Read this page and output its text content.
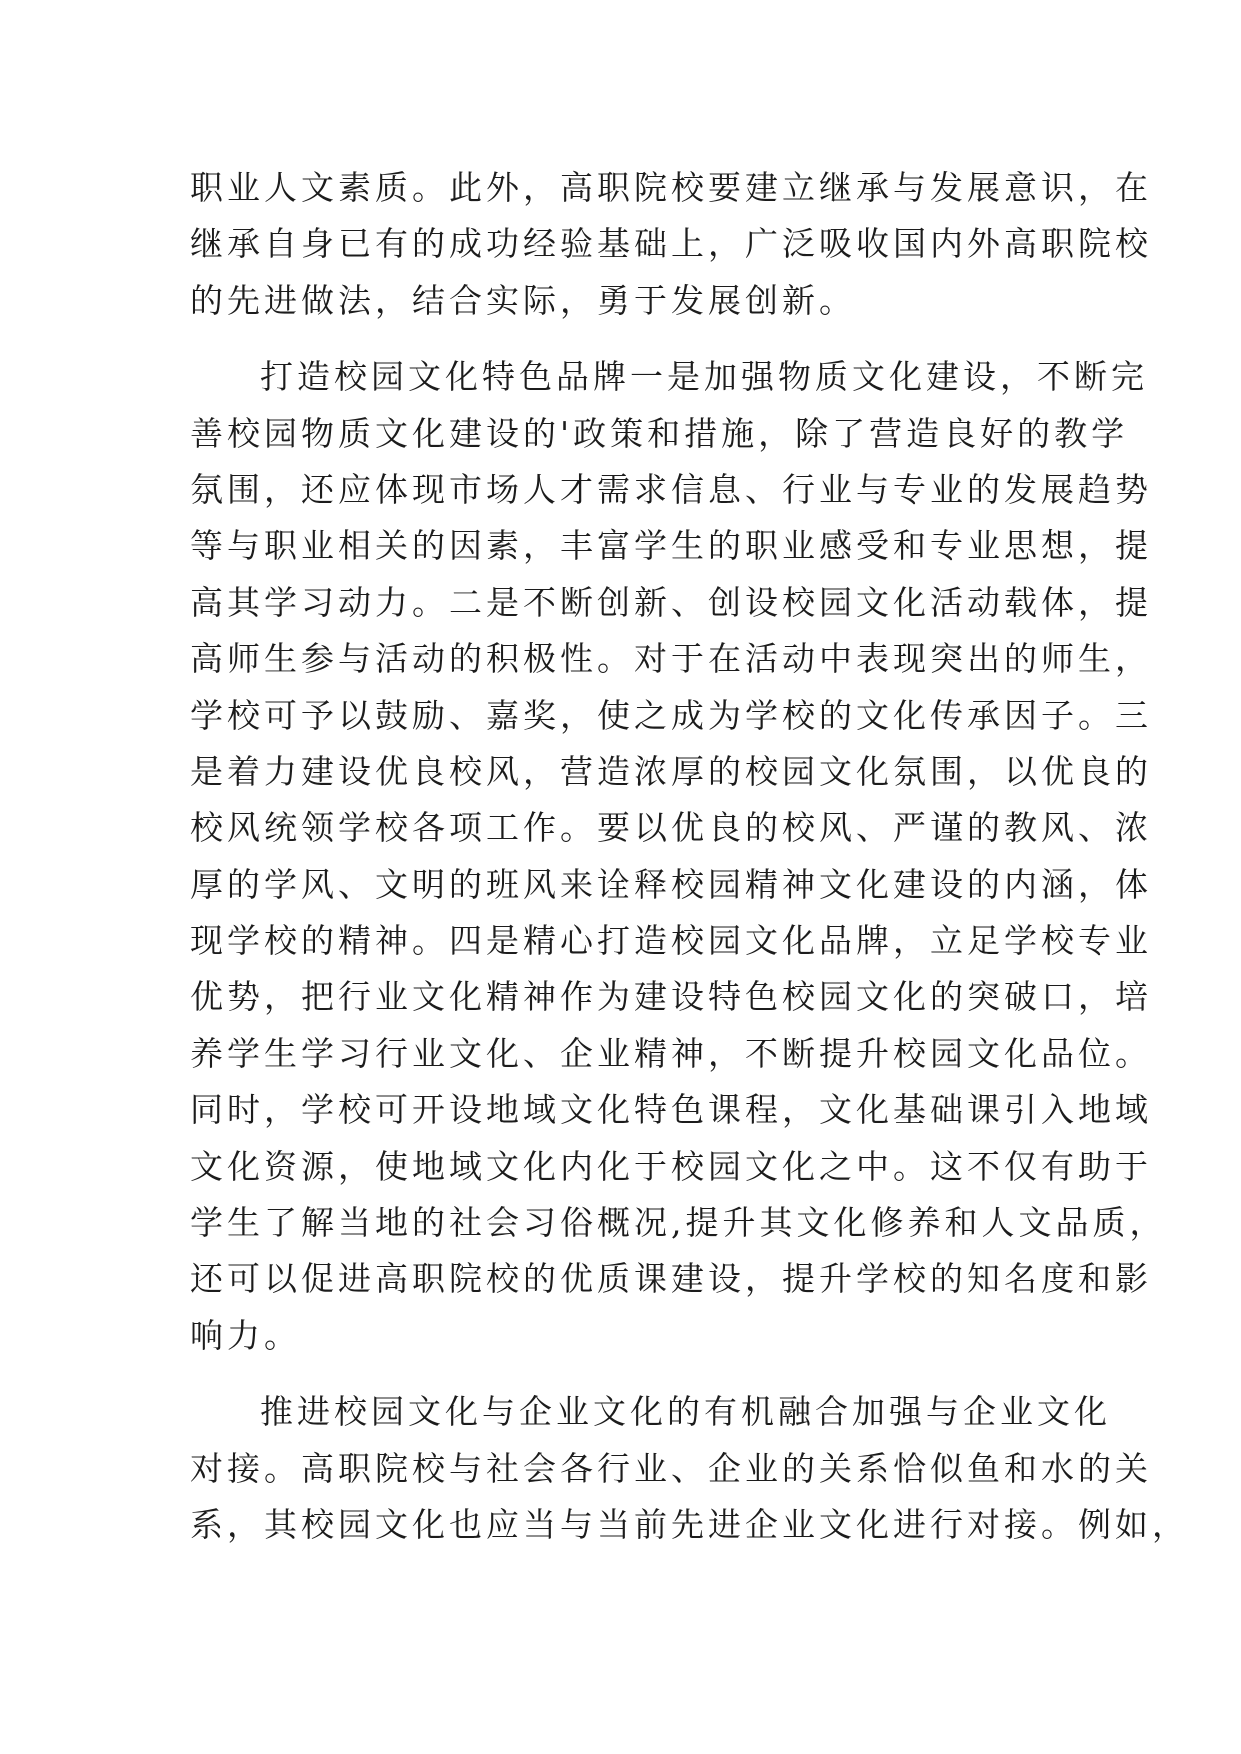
职业人文素质。此外，高职院校要建立继承与发展意识，在
继承自身已有的成功经验基础上，广泛吸收国内外高职院校
的先进做法，结合实际，勇于发展创新。
打造校园文化特色品牌一是加强物质文化建设，不断完
善校园物质文化建设的'政策和措施，除了营造良好的教学
氛围，还应体现市场人才需求信息、行业与专业的发展趋势
等与职业相关的因素，丰富学生的职业感受和专业思想，提
高其学习动力。二是不断创新、创设校园文化活动载体，提
高师生参与活动的积极性。对于在活动中表现突出的师生，
学校可予以鼓励、嘉奖，使之成为学校的文化传承因子。三
是着力建设优良校风，营造浓厚的校园文化氛围，以优良的
校风统领学校各项工作。要以优良的校风、严谨的教风、浓
厚的学风、文明的班风来诠释校园精神文化建设的内涵，体
现学校的精神。四是精心打造校园文化品牌，立足学校专业
优势，把行业文化精神作为建设特色校园文化的突破口，培
养学生学习行业文化、企业精神，不断提升校园文化品位。
同时，学校可开设地域文化特色课程，文化基础课引入地域
文化资源，使地域文化内化于校园文化之中。这不仅有助于
学生了解当地的社会习俗概况,提升其文化修养和人文品质，
还可以促进高职院校的优质课建设，提升学校的知名度和影
响力。
推进校园文化与企业文化的有机融合加强与企业文化
对接。高职院校与社会各行业、企业的关系恰似鱼和水的关
系，其校园文化也应当与当前先进企业文化进行对接。例如，
